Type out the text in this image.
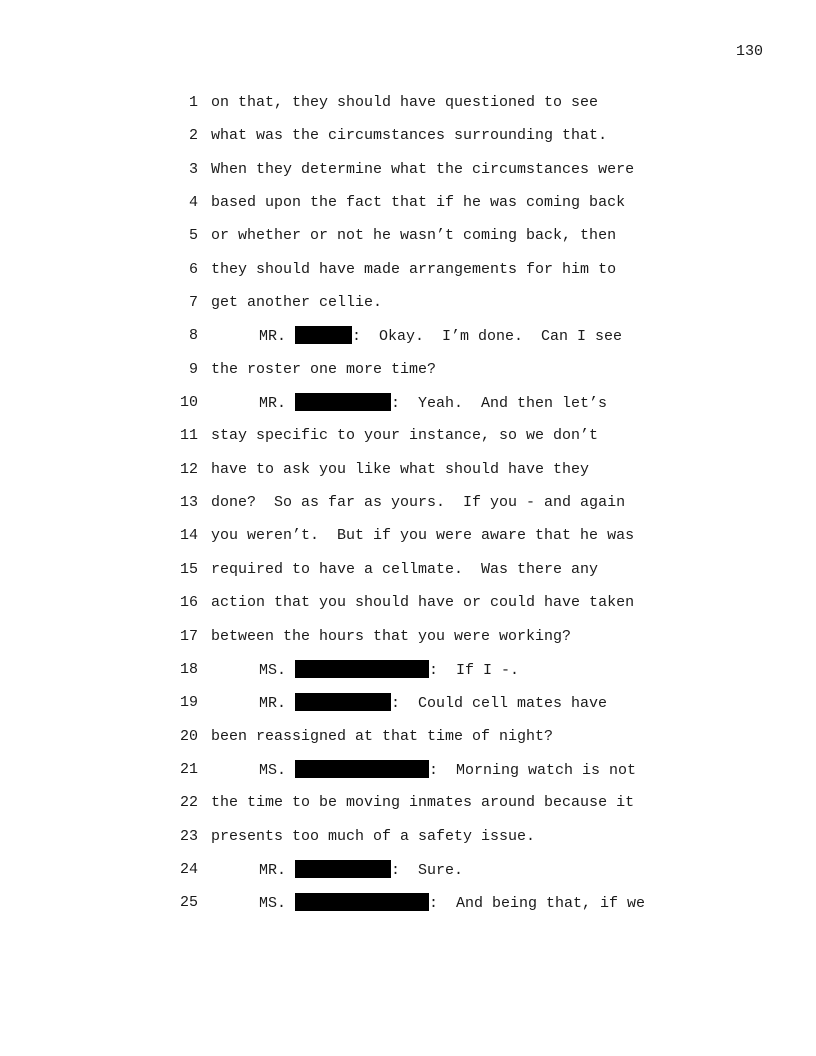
130

1

on that, they should have questioned to see

2

what was the circumstances surrounding that.

3

When they determine what the circumstances were

4

based upon the fact that if he was coming back

5

or whether or not he wasn’t coming back, then

6

they should have made arrangements for him to

7

get another cellie.

8

	MR.	:  Okay.  I’m done.  Can I see

9

the roster one more time?

10

	MR.	:  Yeah.  And then let’s

11

stay specific to your instance, so we don’t

12

have to ask you like what should have they

13

done?  So as far as yours.  If you - and again

14

you weren’t.  But if you were aware that he was

15

required to have a cellmate.  Was there any

16

action that you should have or could have taken

17

between the hours that you were working?

18

	MS.	:  If I -.

19

	MR.	:  Could cell mates have

20

been reassigned at that time of night?

21

	MS.	:  Morning watch is not

22

the time to be moving inmates around because it

23

presents too much of a safety issue.

24

	MR.	:  Sure.

25

	MS.	:  And being that, if we
